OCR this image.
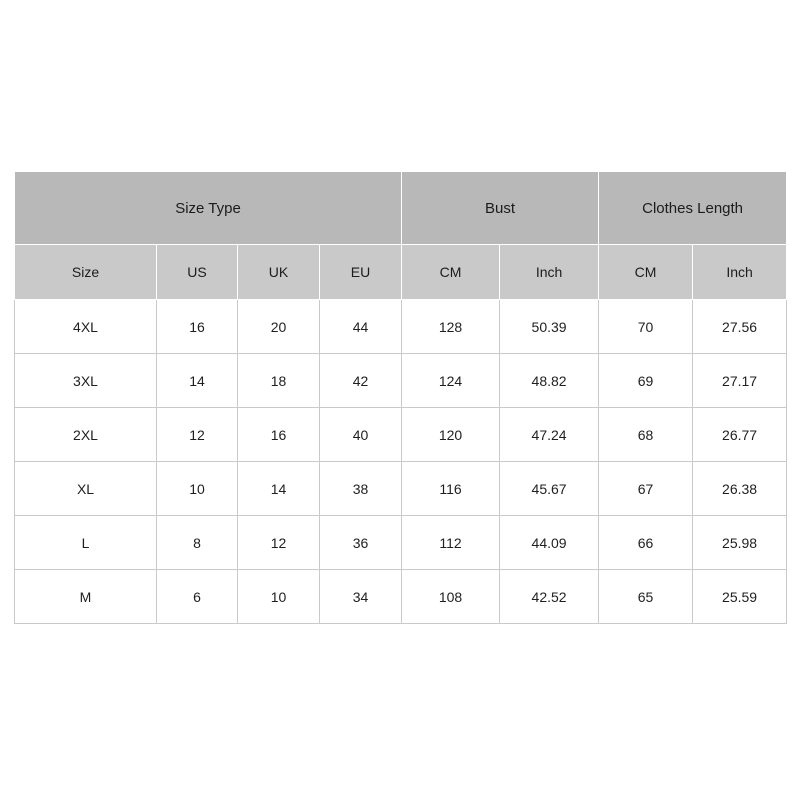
Size Type				Bust		Clothes Length	
Size	US	UK	EU	CM	Inch	CM	Inch
4XL	16	20	44	128	50.39	70	27.56
3XL	14	18	42	124	48.82	69	27.17
2XL	12	16	40	120	47.24	68	26.77
XL	10	14	38	116	45.67	67	26.38
L	8	12	36	112	44.09	66	25.98
M	6	10	34	108	42.52	65	25.59
